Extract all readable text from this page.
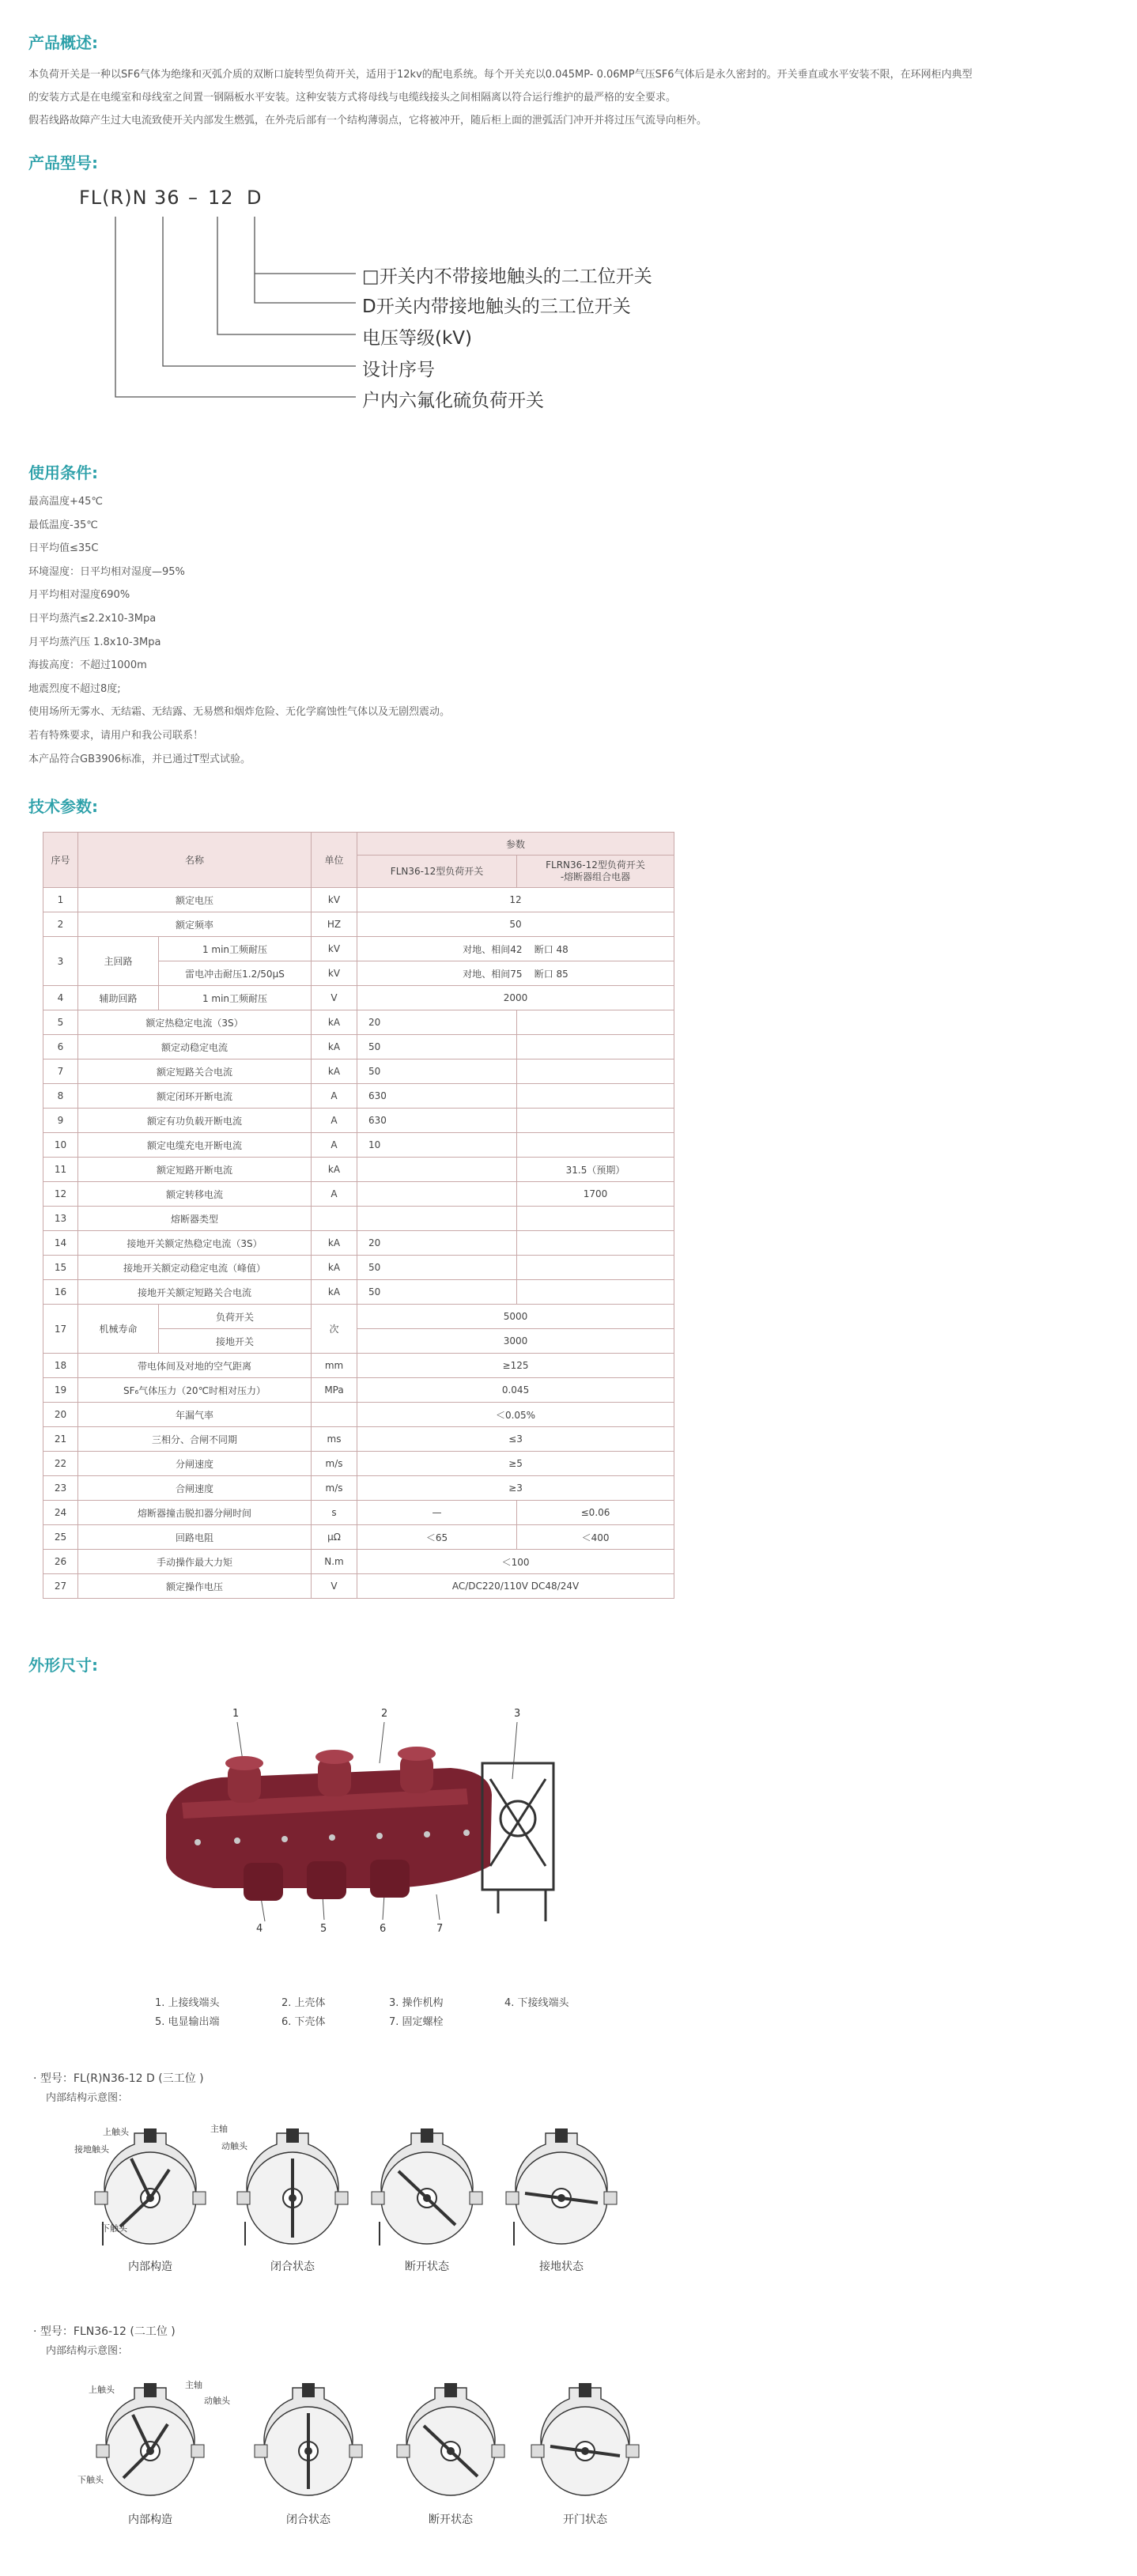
产品概述:
本负荷开关是一种以SF6气体为绝缘和灭弧介质的双断口旋转型负荷开关，适用于12kv的配电系统。每个开关充以0.045MP- 0.06MP气压SF6气体后是永久密封的。开关垂直或水平安装不限，在环网柜内典型
的安装方式是在电缆室和母线室之间置一钢隔板水平安装。这种安装方式将母线与电缆线接头之间相隔离以符合运行维护的最严格的安全要求。
假若线路故障产生过大电流致使开关内部发生燃弧，在外壳后部有一个结构薄弱点，它将被冲开，随后柜上面的泄弧活门冲开并将过压气流导向柜外。
产品型号:
FL(R)N 36 – 12 D
□开关内不带接地触头的二工位开关
D开关内带接地触头的三工位开关
电压等级(kV)
设计序号
户内六氟化硫负荷开关
使用条件:
最高温度+45℃
最低温度-35℃
日平均值≤35C
环境湿度：日平均相对湿度—95%
月平均相对湿度690%
日平均蒸汽≤2.2x10-3Mpa
月平均蒸汽压 1.8x10-3Mpa
海拔高度：不超过1000m
地震烈度不超过8度;
使用场所无雾水、无结霜、无结露、无易燃和烟炸危险、无化学腐蚀性气体以及无剧烈震动。
若有特殊要求，请用户和我公司联系！
本产品符合GB3906标准，并已通过T型式试验。
技术参数:
序号	名称		单位	参数	
				FLN36-12型负荷开关	FLRN36-12型负荷开关
-熔断器组合电器
1	额定电压		kV	12	
2	额定频率		HZ	50	
3	主回路	1 min工频耐压	kV	对地、相间42    断口 48	
		雷电冲击耐压1.2/50μS	kV	对地、相间75    断口 85	
4	辅助回路	1 min工频耐压	V	2000	
5	额定热稳定电流（3S）		kA	20	
6	额定动稳定电流		kA	50	
7	额定短路关合电流		kA	50	
8	额定闭环开断电流		A	630	
9	额定有功负载开断电流		A	630	
10	额定电缆充电开断电流		A	10	
11	额定短路开断电流		kA		31.5（预期）
12	额定转移电流		A		1700
13	熔断器类型				
14	接地开关额定热稳定电流（3S）		kA	20	
15	接地开关额定动稳定电流（峰值）		kA	50	
16	接地开关额定短路关合电流		kA	50	
17	机械寿命	负荷开关	次	5000	
		接地开关		3000	
18	带电体间及对地的空气距离		mm	≥125	
19	SF₆气体压力（20℃时相对压力）		MPa	0.045	
20	年漏气率			＜0.05%	
21	三相分、合闸不同期		ms	≤3	
22	分闸速度		m/s	≥5	
23	合闸速度		m/s	≥3	
24	熔断器撞击脱扣器分闸时间		s	—	≤0.06
25	回路电阻		μΩ	＜65	＜400
26	手动操作最大力矩		N.m	＜100	
27	额定操作电压		V	AC/DC220/110V DC48/24V	
外形尺寸:
1	2	3
4	5	6	7
1. 上接线端头	2. 上壳体	3. 操作机构	4. 下接线端头
5. 电显输出端	6. 下壳体	7. 固定螺栓
· 型号：FL(R)N36-12 D (三工位 )
内部结构示意图：
上触头	主轴
接地触头	动触头
下触头
内部构造	闭合状态	断开状态	接地状态
· 型号：FLN36-12 (二工位 )
内部结构示意图：
上触头	主轴
动触头
下触头
内部构造	闭合状态	断开状态	开门状态
